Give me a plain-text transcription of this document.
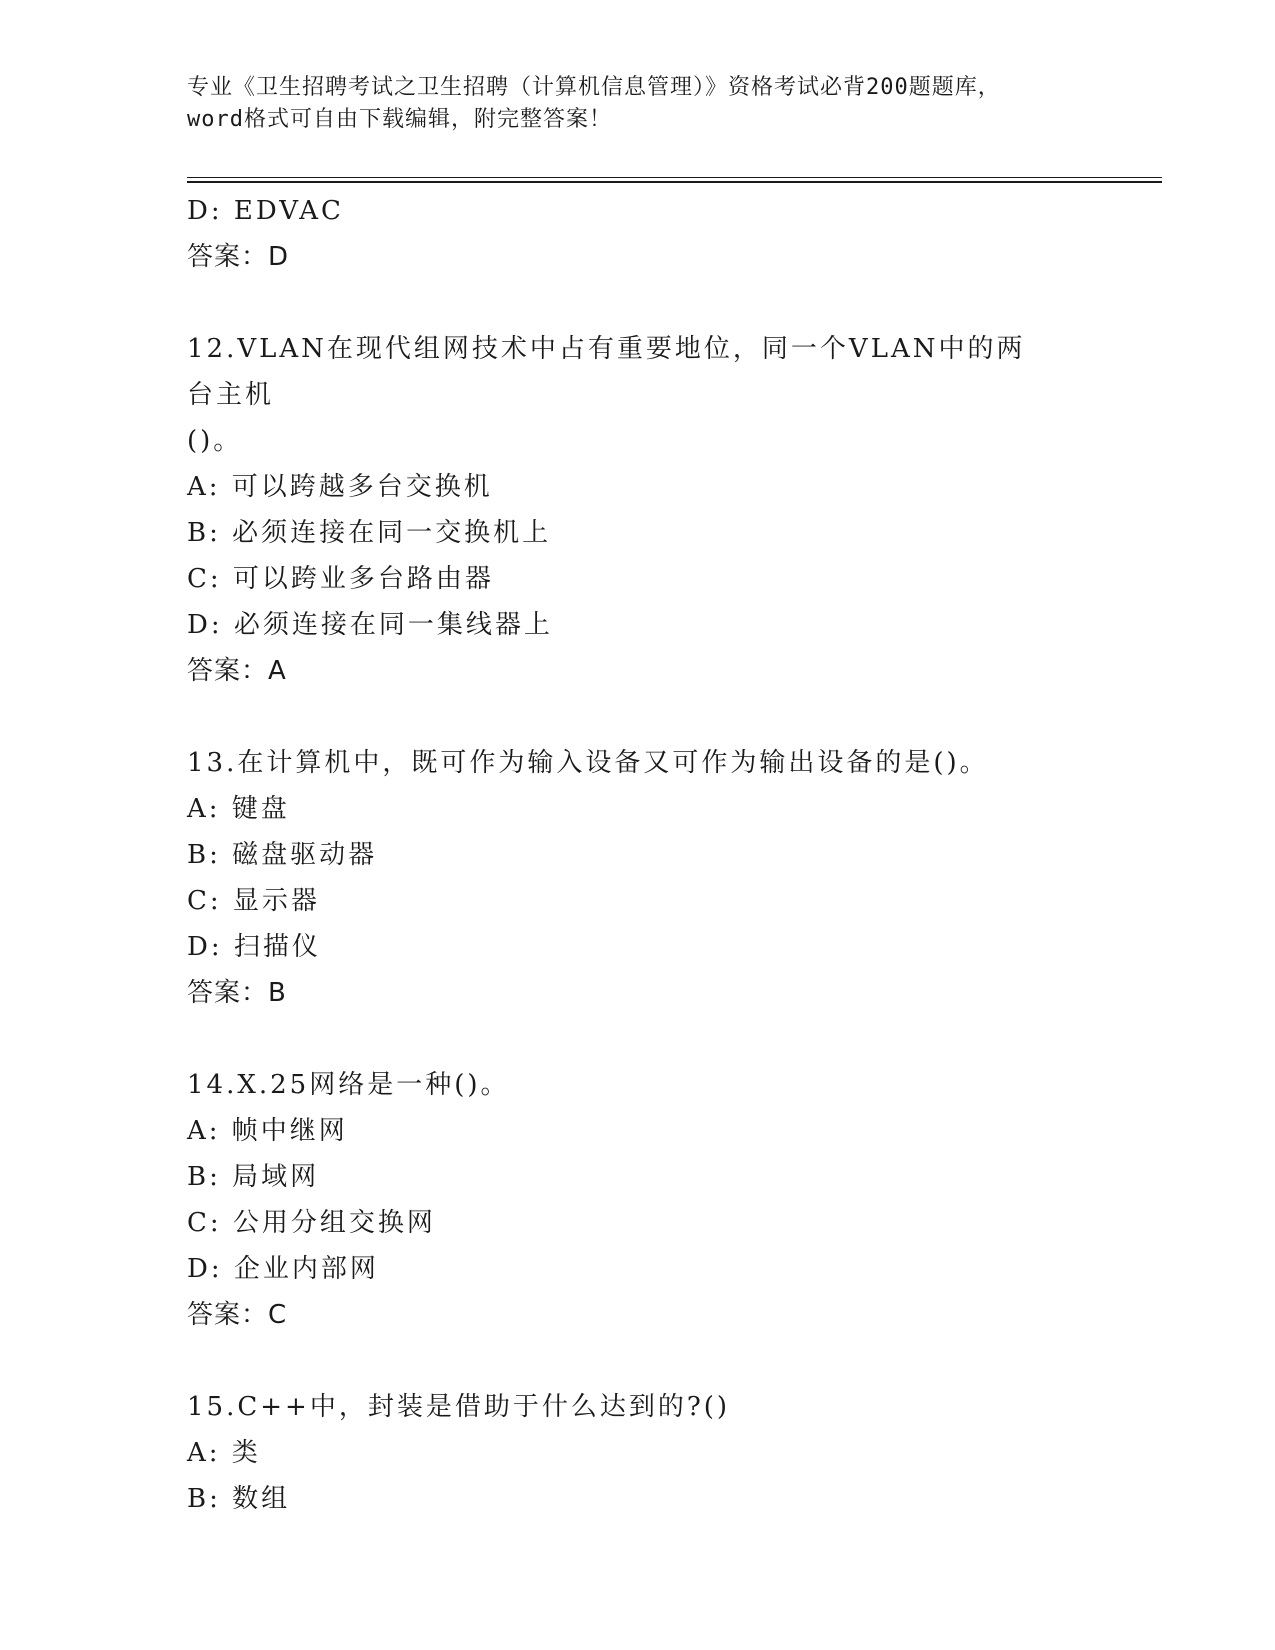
专业《卫生招聘考试之卫生招聘（计算机信息管理）》资格考试必背200题题库，
word格式可自由下载编辑，附完整答案！
D: EDVAC
答案：D
12.VLAN在现代组网技术中占有重要地位，同一个VLAN中的两台主机
()。
A: 可以跨越多台交换机
B: 必须连接在同一交换机上
C: 可以跨业多台路由器
D: 必须连接在同一集线器上
答案：A
13.在计算机中，既可作为输入设备又可作为输出设备的是()。
A: 键盘
B: 磁盘驱动器
C: 显示器
D: 扫描仪
答案：B
14.X.25网络是一种()。
A: 帧中继网
B: 局域网
C: 公用分组交换网
D: 企业内部网
答案：C
15.C++中，封装是借助于什么达到的?()
A: 类
B: 数组
